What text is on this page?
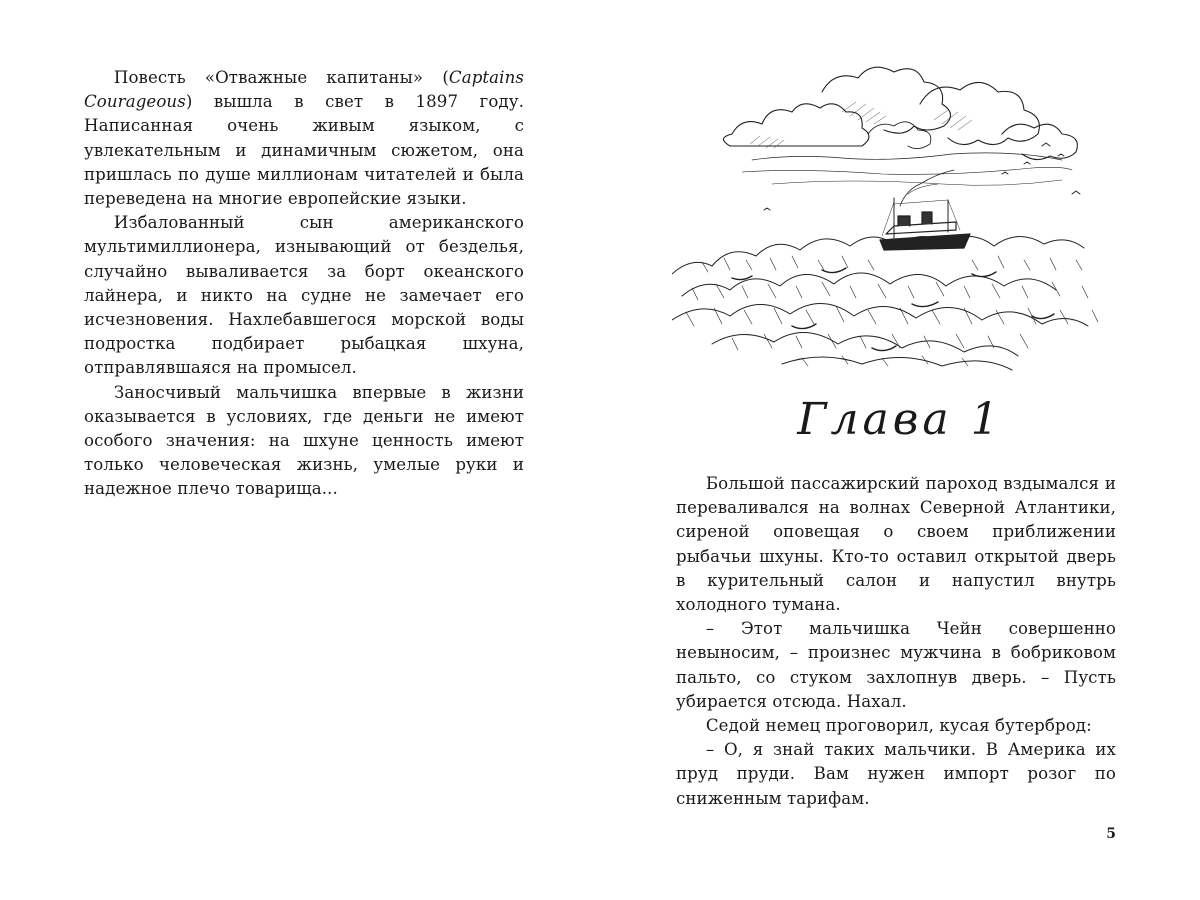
Повесть «Отважные капитаны» (Captains Courageous) вышла в свет в 1897 году. Написанная очень живым языком, с увлекательным и динамичным сюжетом, она пришлась по душе миллионам читателей и была переведена на многие европейские языки.

Избалованный сын американского мультимиллионера, изнывающий от безделья, случайно вываливается за борт океанского лайнера, и никто на судне не замечает его исчезновения. Нахлебавшегося морской воды подростка подбирает рыбацкая шхуна, отправлявшаяся на промысел.

Заносчивый мальчишка впервые в жизни оказывается в условиях, где деньги не имеют особого значения: на шхуне ценность имеют только человеческая жизнь, умелые руки и надежное плечо товарища...

Глава 1

Большой пассажирский пароход вздымался и переваливался на волнах Северной Атлантики, сиреной оповещая о своем приближении рыбачьи шхуны. Кто-то оставил открытой дверь в курительный салон и напустил внутрь холодного тумана.

– Этот мальчишка Чейн совершенно невыносим, – произнес мужчина в бобриковом пальто, со стуком захлопнув дверь. – Пусть убирается отсюда. Нахал.

Седой немец проговорил, кусая бутерброд:

– О, я знай таких мальчики. В Америка их пруд пруди. Вам нужен импорт розог по сниженным тарифам.

5
